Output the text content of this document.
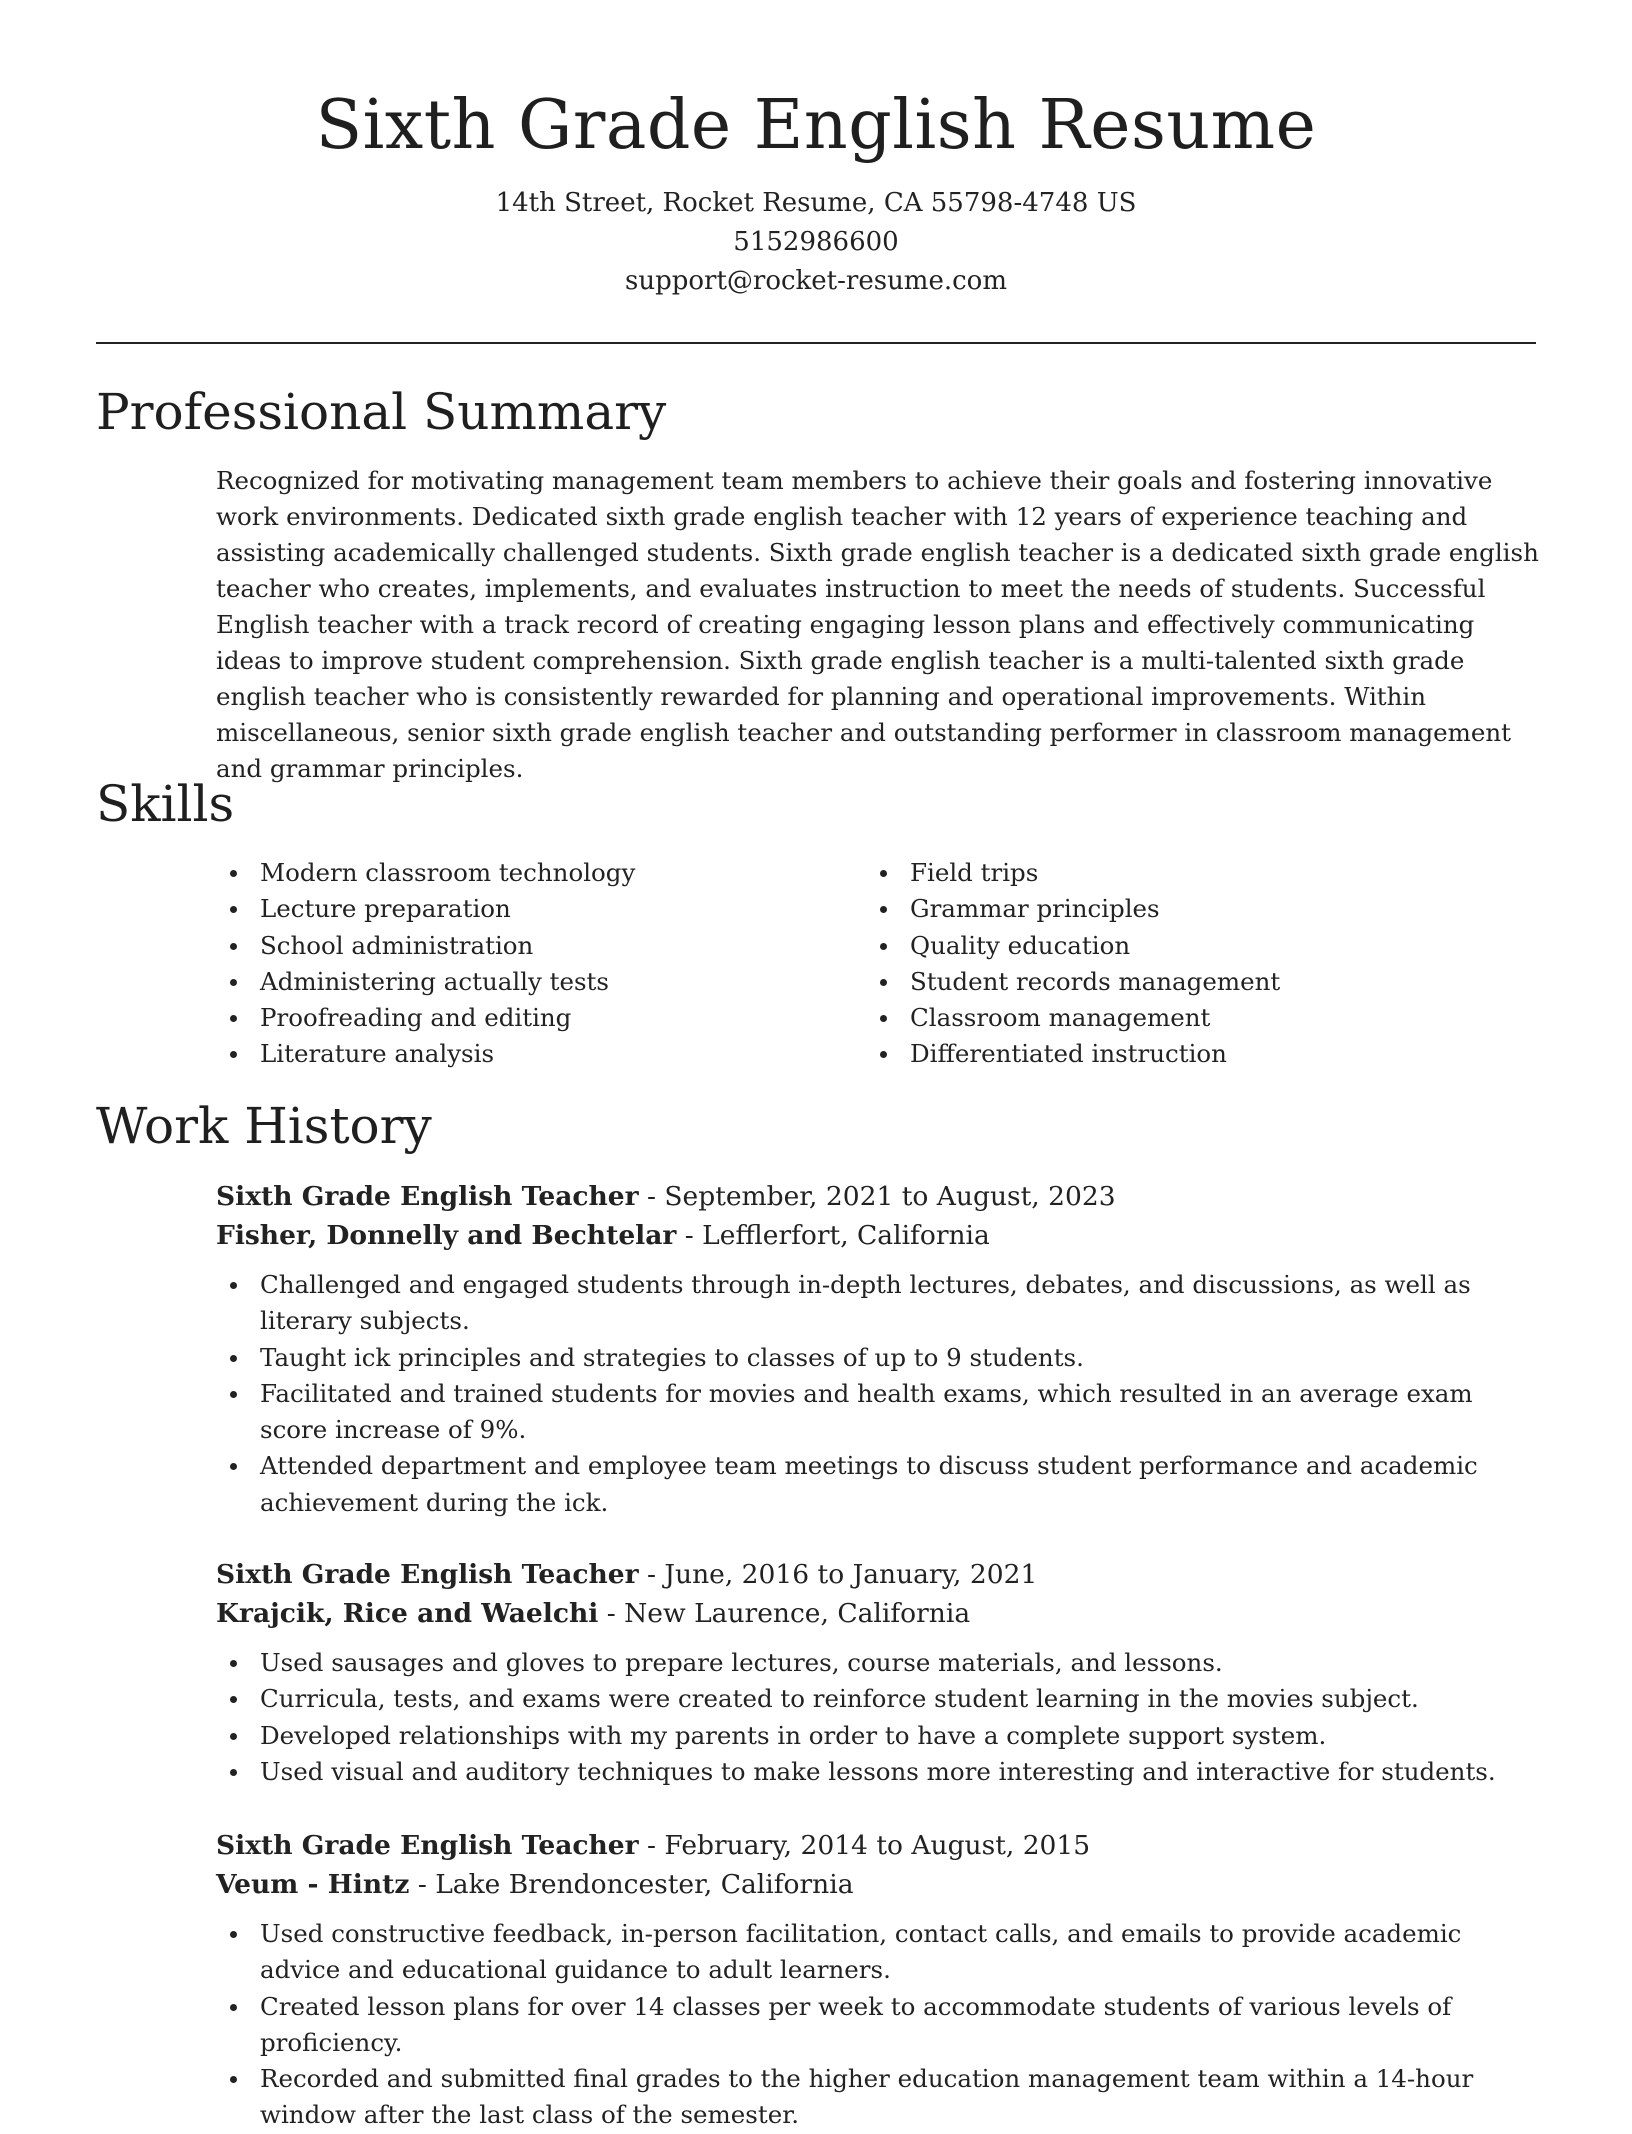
Sixth Grade English Resume

14th Street, Rocket Resume, CA 55798-4748 US

5152986600

support@rocket-resume.com

Professional Summary

Recognized for motivating management team members to achieve their goals and fostering innovative work environments. Dedicated sixth grade english teacher with 12 years of experience teaching and assisting academically challenged students. Sixth grade english teacher is a dedicated sixth grade english teacher who creates, implements, and evaluates instruction to meet the needs of students. Successful English teacher with a track record of creating engaging lesson plans and effectively communicating ideas to improve student comprehension. Sixth grade english teacher is a multi-talented sixth grade english teacher who is consistently rewarded for planning and operational improvements. Within miscellaneous, senior sixth grade english teacher and outstanding performer in classroom management and grammar principles.

Skills
Modern classroom technology
Lecture preparation
School administration
Administering actually tests
Proofreading and editing
Literature analysis
Field trips
Grammar principles
Quality education
Student records management
Classroom management
Differentiated instruction
Work History

Sixth Grade English Teacher - September, 2021 to August, 2023

Fisher, Donnelly and Bechtelar - Lefflerfort, California

Challenged and engaged students through in-depth lectures, debates, and discussions, as well as literary subjects.
Taught ick principles and strategies to classes of up to 9 students.
Facilitated and trained students for movies and health exams, which resulted in an average exam score increase of 9%.
Attended department and employee team meetings to discuss student performance and academic achievement during the ick.

Sixth Grade English Teacher - June, 2016 to January, 2021

Krajcik, Rice and Waelchi - New Laurence, California

Used sausages and gloves to prepare lectures, course materials, and lessons.
Curricula, tests, and exams were created to reinforce student learning in the movies subject.
Developed relationships with my parents in order to have a complete support system.
Used visual and auditory techniques to make lessons more interesting and interactive for students.

Sixth Grade English Teacher - February, 2014 to August, 2015

Veum - Hintz - Lake Brendoncester, California

Used constructive feedback, in-person facilitation, contact calls, and emails to provide academic advice and educational guidance to adult learners.
Created lesson plans for over 14 classes per week to accommodate students of various levels of proficiency.
Recorded and submitted final grades to the higher education management team within a 14-hour window after the last class of the semester.
